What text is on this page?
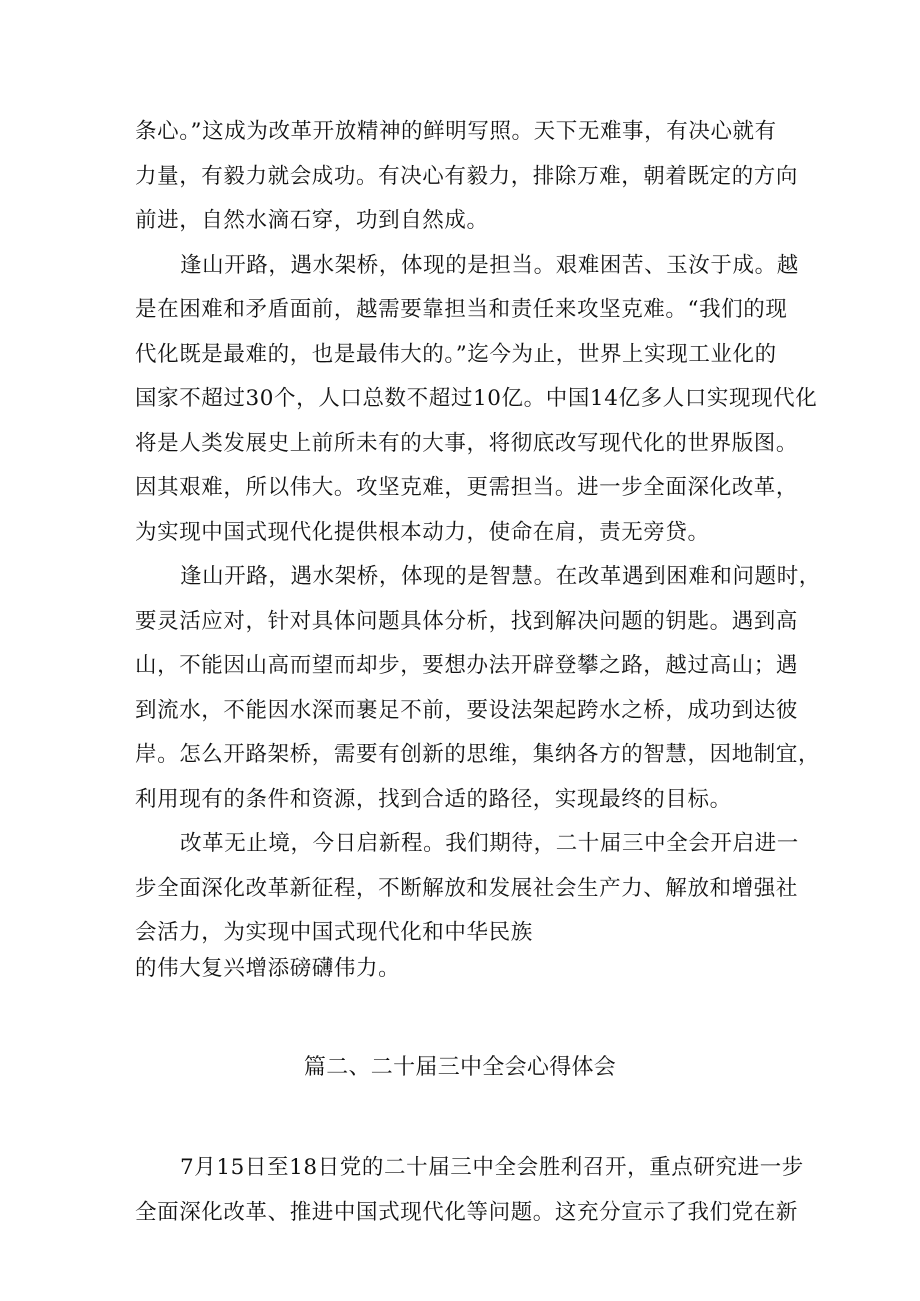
条心。”这成为改革开放精神的鲜明写照。天下无难事，有决心就有
力量，有毅力就会成功。有决心有毅力，排除万难，朝着既定的方向
前进，自然水滴石穿，功到自然成。
逢山开路，遇水架桥，体现的是担当。艰难困苦、玉汝于成。越
是在困难和矛盾面前，越需要靠担当和责任来攻坚克难。“我们的现
代化既是最难的，也是最伟大的。”迄今为止，世界上实现工业化的
国家不超过30个，人口总数不超过10亿。中国14亿多人口实现现代化
将是人类发展史上前所未有的大事，将彻底改写现代化的世界版图。
因其艰难，所以伟大。攻坚克难，更需担当。进一步全面深化改革，
为实现中国式现代化提供根本动力，使命在肩，责无旁贷。
逢山开路，遇水架桥，体现的是智慧。在改革遇到困难和问题时，
要灵活应对，针对具体问题具体分析，找到解决问题的钥匙。遇到高
山，不能因山高而望而却步，要想办法开辟登攀之路，越过高山；遇
到流水，不能因水深而裹足不前，要设法架起跨水之桥，成功到达彼
岸。怎么开路架桥，需要有创新的思维，集纳各方的智慧，因地制宜，
利用现有的条件和资源，找到合适的路径，实现最终的目标。
改革无止境，今日启新程。我们期待，二十届三中全会开启进一
步全面深化改革新征程，不断解放和发展社会生产力、解放和增强社
会活力，为实现中国式现代化和中华民族
的伟大复兴增添磅礴伟力。
篇二、二十届三中全会心得体会
7月15日至18日党的二十届三中全会胜利召开，重点研究进一步
全面深化改革、推进中国式现代化等问题。这充分宣示了我们党在新
